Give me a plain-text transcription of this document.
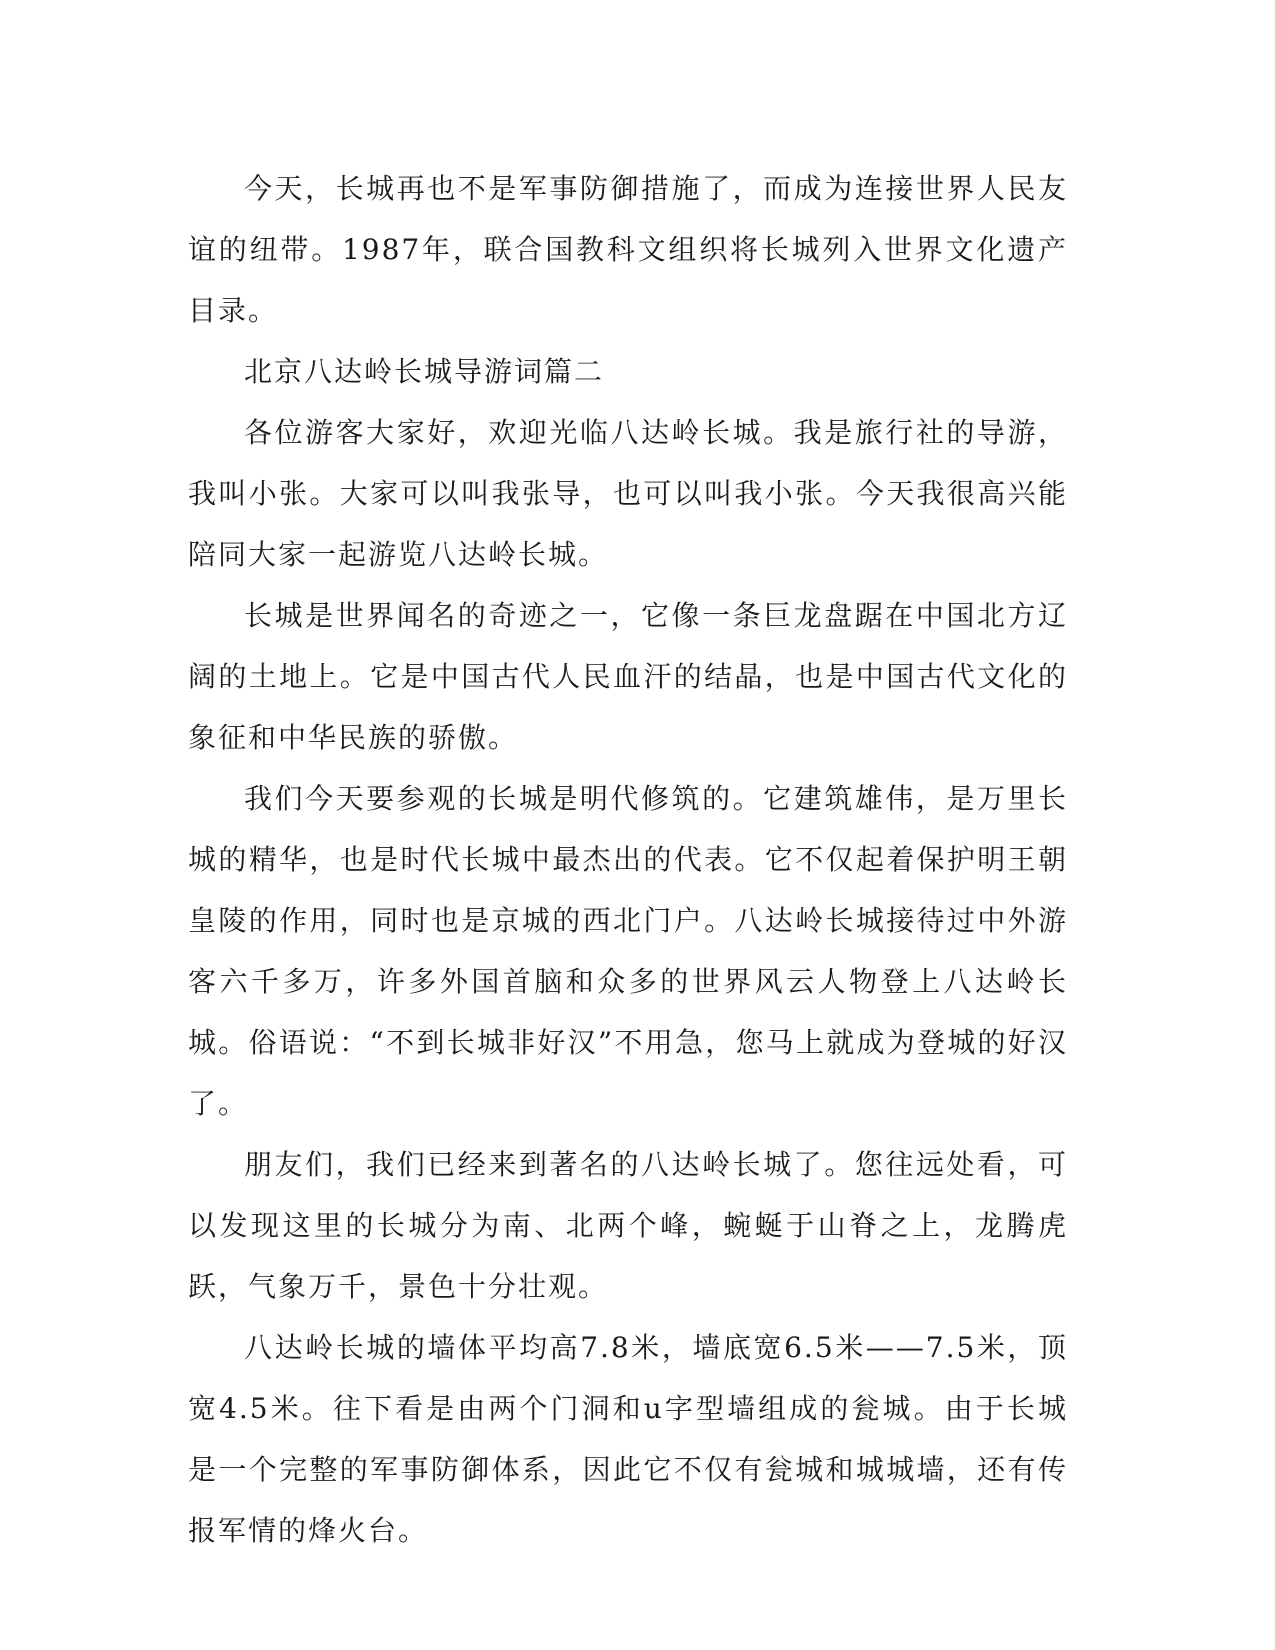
今天，长城再也不是军事防御措施了，而成为连接世界人民友谊的纽带。1987年，联合国教科文组织将长城列入世界文化遗产目录。

北京八达岭长城导游词篇二

各位游客大家好，欢迎光临八达岭长城。我是旅行社的导游，我叫小张。大家可以叫我张导，也可以叫我小张。今天我很高兴能陪同大家一起游览八达岭长城。

长城是世界闻名的奇迹之一，它像一条巨龙盘踞在中国北方辽阔的土地上。它是中国古代人民血汗的结晶，也是中国古代文化的象征和中华民族的骄傲。

我们今天要参观的长城是明代修筑的。它建筑雄伟，是万里长城的精华，也是时代长城中最杰出的代表。它不仅起着保护明王朝皇陵的作用，同时也是京城的西北门户。八达岭长城接待过中外游客六千多万，许多外国首脑和众多的世界风云人物登上八达岭长城。俗语说：“不到长城非好汉”不用急，您马上就成为登城的好汉了。

朋友们，我们已经来到著名的八达岭长城了。您往远处看，可以发现这里的长城分为南、北两个峰，蜿蜒于山脊之上，龙腾虎跃，气象万千，景色十分壮观。

八达岭长城的墙体平均高7.8米，墙底宽6.5米——7.5米，顶宽4.5米。往下看是由两个门洞和u字型墙组成的瓮城。由于长城是一个完整的军事防御体系，因此它不仅有瓮城和城城墙，还有传报军情的烽火台。
